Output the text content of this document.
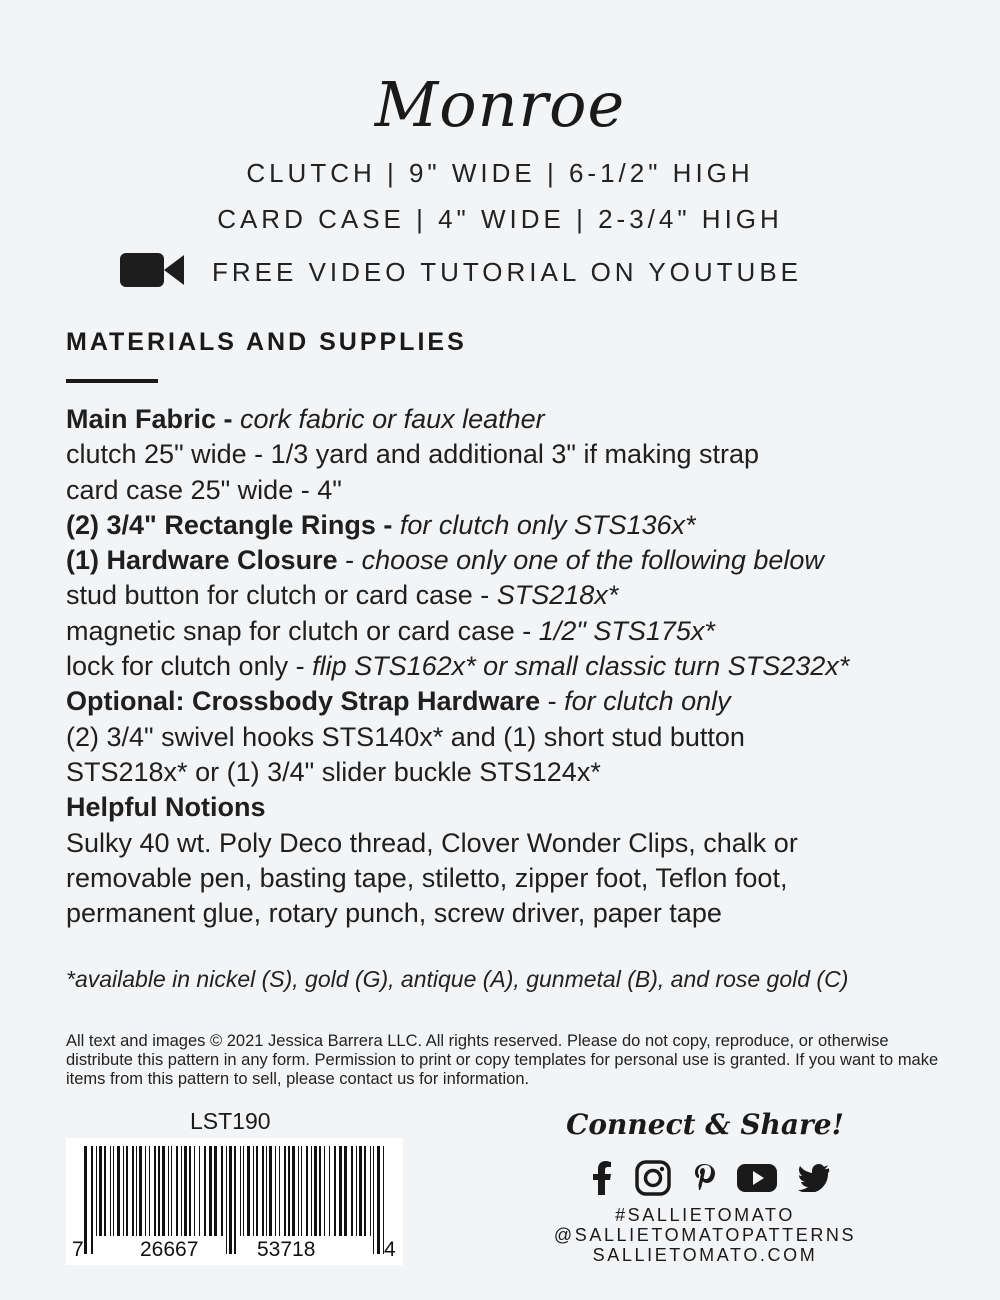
Monroe
CLUTCH | 9" WIDE | 6-1/2" HIGH
CARD CASE | 4" WIDE | 2-3/4" HIGH
FREE VIDEO TUTORIAL ON YOUTUBE
MATERIALS AND SUPPLIES
Main Fabric - cork fabric or faux leather
clutch 25" wide - 1/3 yard and additional 3" if making strap
card case 25" wide - 4"
(2) 3/4" Rectangle Rings - for clutch only STS136x*
(1) Hardware Closure - choose only one of the following below
stud button for clutch or card case - STS218x*
magnetic snap for clutch or card case - 1/2" STS175x*
lock for clutch only - flip STS162x* or small classic turn STS232x*
Optional: Crossbody Strap Hardware - for clutch only
(2) 3/4" swivel hooks STS140x* and (1) short stud button
STS218x* or (1) 3/4" slider buckle STS124x*
Helpful Notions
Sulky 40 wt. Poly Deco thread, Clover Wonder Clips, chalk or
removable pen, basting tape, stiletto, zipper foot, Teflon foot,
permanent glue, rotary punch, screw driver, paper tape
*available in nickel (S), gold (G), antique (A), gunmetal (B), and rose gold (C)
All text and images © 2021 Jessica Barrera LLC. All rights reserved. Please do not copy, reproduce, or otherwise distribute this pattern in any form. Permission to print or copy templates for personal use is granted. If you want to make items from this pattern to sell, please contact us for information.
LST190
7	26667	53718	4
Connect & Share!
#SALLIETOMATO
@SALLIETOMATOPATTERNS
SALLIETOMATO.COM
